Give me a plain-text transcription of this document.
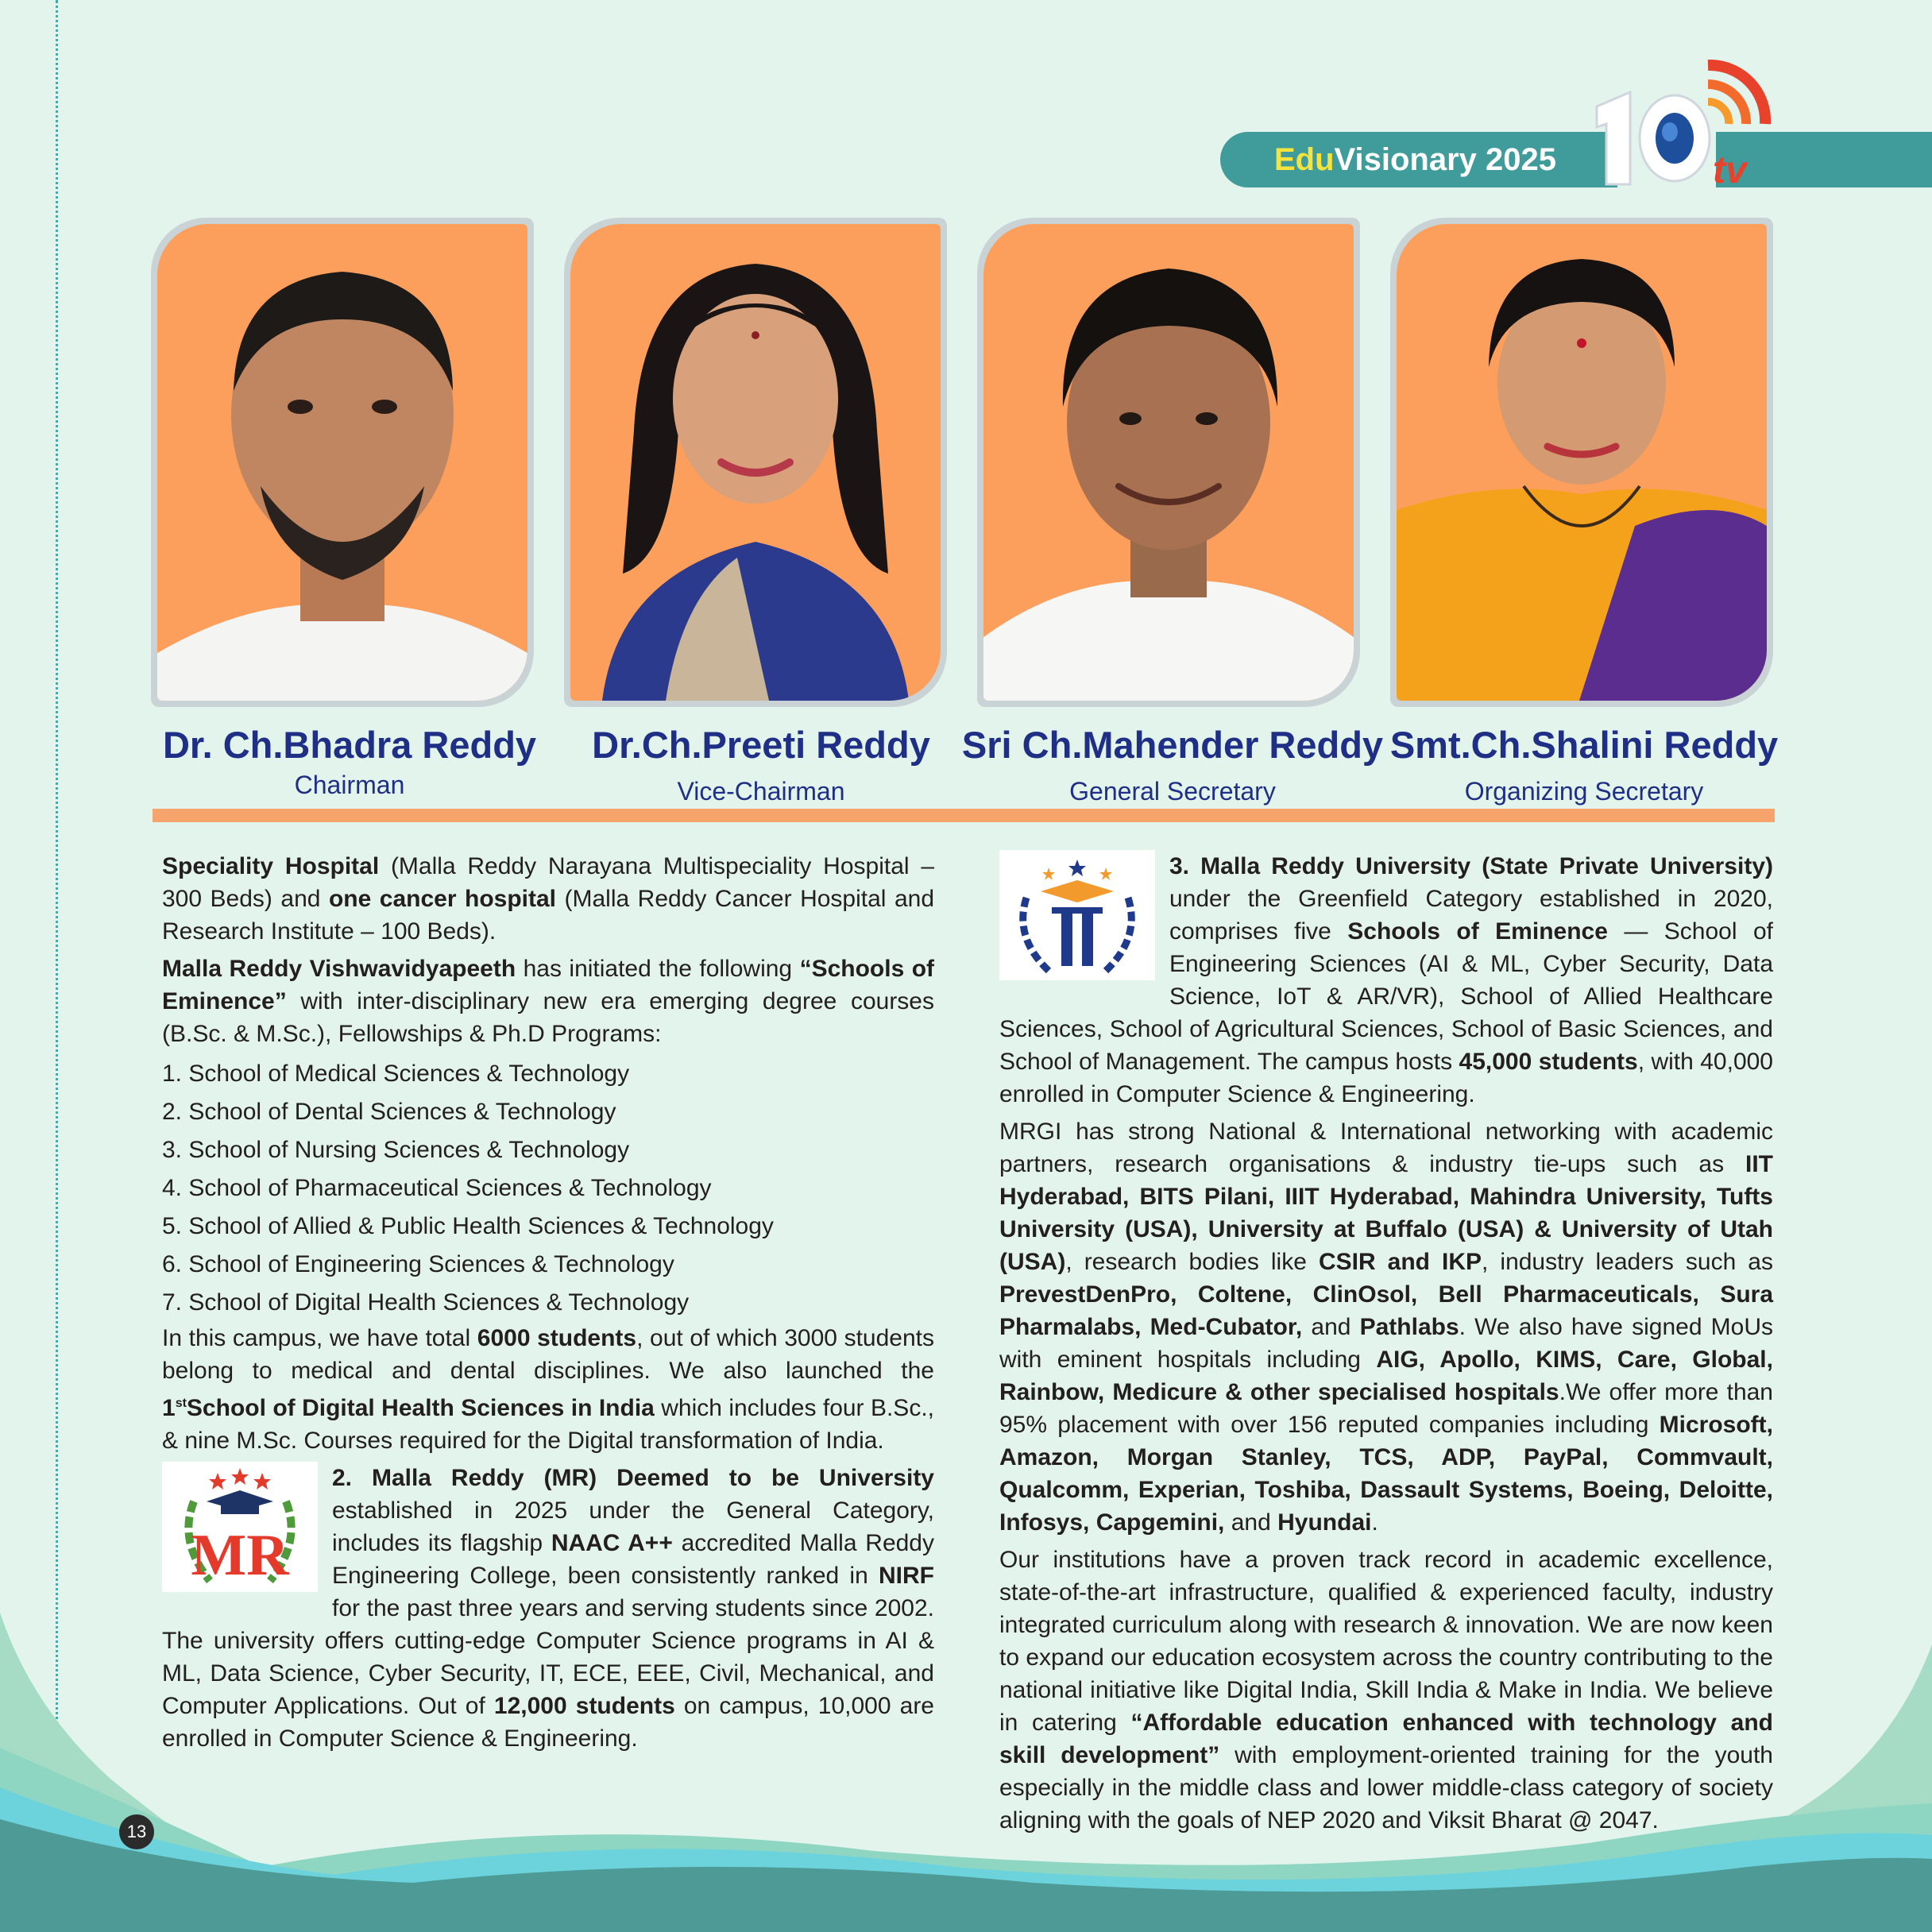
EduVisionary 2025	tv
Dr. Ch.Bhadra Reddy
Chairman
Dr.Ch.Preeti Reddy
Vice-Chairman
Sri Ch.Mahender Reddy
General Secretary
Smt.Ch.Shalini Reddy
Organizing Secretary

Speciality Hospital (Malla Reddy Narayana Multispeciality Hospital – 300 Beds) and one cancer hospital (Malla Reddy Cancer Hospital and Research Institute – 100 Beds).

Malla Reddy Vishwavidyapeeth has initiated the following “Schools of Eminence” with inter-disciplinary new era emerging degree courses (B.Sc. & M.Sc.), Fellowships & Ph.D Programs:

1. School of Medical Sciences & Technology
2. School of Dental Sciences & Technology
3. School of Nursing Sciences & Technology
4. School of Pharmaceutical Sciences & Technology
5. School of Allied & Public Health Sciences & Technology
6. School of Engineering Sciences & Technology
7. School of Digital Health Sciences & Technology

In this campus, we have total 6000 students, out of which 3000 students belong to medical and dental disciplines. We also launched the 1stSchool of Digital Health Sciences in India which includes four B.Sc., & nine M.Sc. Courses required for the Digital transformation of India.

MR
2. Malla Reddy (MR) Deemed to be University established in 2025 under the General Category, includes its flagship NAAC A++ accredited Malla Reddy Engineering College, been consistently ranked in NIRF for the past three years and serving students since 2002. The university offers cutting-edge Computer Science programs in AI & ML, Data Science, Cyber Security, IT, ECE, EEE, Civil, Mechanical, and Computer Applications. Out of 12,000 students on campus, 10,000 are enrolled in Computer Science & Engineering.

3. Malla Reddy University (State Private University) under the Greenfield Category established in 2020, comprises five Schools of Eminence — School of Engineering Sciences (AI & ML, Cyber Security, Data Science, IoT & AR/VR), School of Allied Healthcare Sciences, School of Agricultural Sciences, School of Basic Sciences, and School of Management. The campus hosts 45,000 students, with 40,000 enrolled in Computer Science & Engineering.

MRGI has strong National & International networking with academic partners, research organisations & industry tie-ups such as IIT Hyderabad, BITS Pilani, IIIT Hyderabad, Mahindra University, Tufts University (USA), University at Buffalo (USA) & University of Utah (USA), research bodies like CSIR and IKP, industry leaders such as PrevestDenPro, Coltene, ClinOsol, Bell Pharmaceuticals, Sura Pharmalabs, Med-Cubator, and Pathlabs. We also have signed MoUs with eminent hospitals including AIG, Apollo, KIMS, Care, Global, Rainbow, Medicure & other specialised hospitals.We offer more than 95% placement with over 156 reputed companies including Microsoft, Amazon, Morgan Stanley, TCS, ADP, PayPal, Commvault, Qualcomm, Experian, Toshiba, Dassault Systems, Boeing, Deloitte, Infosys, Capgemini, and Hyundai.

Our institutions have a proven track record in academic excellence, state-of-the-art infrastructure, qualified & experienced faculty, industry integrated curriculum along with research & innovation. We are now keen to expand our education ecosystem across the country contributing to the national initiative like Digital India, Skill India & Make in India. We believe in catering “Affordable education enhanced with technology and skill development” with employment-oriented training for the youth especially in the middle class and lower middle-class category of society aligning with the goals of NEP 2020 and Viksit Bharat @ 2047.

13
